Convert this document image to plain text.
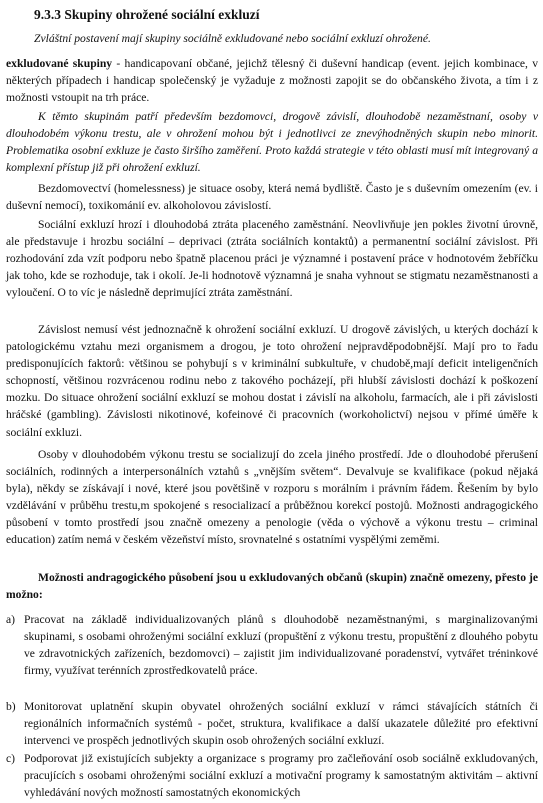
9.3.3 Skupiny ohrožené sociální exkluzí

Zvláštní postavení mají skupiny sociálně exkludované nebo sociální exkluzí ohrožené.

exkludované skupiny - handicapovaní občané, jejichž tělesný či duševní handicap (event. jejich kombinace, v některých případech i handicap společenský je vyžaduje z možnosti zapojit se do občanského života, a tím i z možnosti vstoupit na trh práce.

K těmto skupinám patří především bezdomovci, drogově závislí, dlouhodobě nezaměstnaní, osoby v dlouhodobém výkonu trestu, ale v ohrožení mohou být i jednotlivci ze znevýhodněných skupin nebo minorit. Problematika osobní exkluze je často širšího zaměření. Proto každá strategie v této oblasti musí mít integrovaný a komplexní přístup již při ohrožení exkluzí.

Bezdomovectví (homelessness) je situace osoby, která nemá bydliště. Často je s duševním omezením (ev. i duševní nemocí), toxikománií ev. alkoholovou závislostí.

Sociální exkluzí hrozí i dlouhodobá ztráta placeného zaměstnání. Neovlivňuje jen pokles životní úrovně, ale představuje i hrozbu sociální – deprivaci (ztráta sociálních kontaktů) a permanentní sociální závislost. Při rozhodování zda vzít podporu nebo špatně placenou práci je významné i postavení práce v hodnotovém žebříčku jak toho, kde se rozhoduje, tak i okolí. Je-li hodnotově významná je snaha vyhnout se stigmatu nezaměstnanosti a vyloučení. O to víc je následně deprimující ztráta zaměstnání.

Závislost nemusí vést jednoznačně k ohrožení sociální exkluzí. U drogově závislých, u kterých dochází k patologickému vztahu mezi organismem a drogou, je toto ohrožení nejpravděpodobnější. Mají pro to řadu predisponujících faktorů: většinou se pohybují s v kriminální subkultuře, v chudobě,mají deficit inteligenčních schopností, většinou rozvrácenou rodinu nebo z takového pocházejí, při hlubší závislosti dochází k poškození mozku. Do situace ohrožení sociální exkluzí se mohou dostat i závislí na alkoholu, farmacích, ale i při závislosti hráčské (gambling). Závislosti nikotinové, kofeinové či pracovních (workoholictví) nejsou v přímé úměře k sociální exkluzi.

Osoby v dlouhodobém výkonu trestu se socializují do zcela jiného prostředí. Jde o dlouhodobé přerušení sociálních, rodinných a interpersonálních vztahů s „vnějším světem“. Devalvuje se kvalifikace (pokud nějaká byla), někdy se získávají i nové, které jsou povětšině v rozporu s morálním i právním řádem. Řešením by bylo vzdělávání v průběhu trestu,m spokojené s resocializací a průběžnou korekcí postojů. Možnosti andragogického působení v tomto prostředí jsou značně omezeny a penologie (věda o výchově a výkonu trestu – criminal education) zatím nemá v českém vězeňství místo, srovnatelné s ostatními vyspělými zeměmi.

Možnosti andragogického působení jsou u exkludovaných občanů (skupin) značně omezeny, přesto je možno:

a) Pracovat na základě individualizovaných plánů s dlouhodobě nezaměstnanými, s marginalizovanými skupinami, s osobami ohroženými sociální exkluzí (propuštění z výkonu trestu, propuštění z dlouhého pobytu ve zdravotnických zařízeních, bezdomovci) – zajistit jim individualizované poradenství, vytvářet tréninkové firmy, využívat terénních zprostředkovatelů práce.

b) Monitorovat uplatnění skupin obyvatel ohrožených sociální exkluzí v rámci stávajících státních či regionálních informačních systémů - počet, struktura, kvalifikace a další ukazatele důležité pro efektivní intervenci ve prospěch jednotlivých skupin osob ohrožených sociální exkluzí.

c) Podporovat již existujících subjekty a organizace s programy pro začleňování osob sociálně exkludovaných, pracujících s osobami ohroženými sociální exkluzí a motivační programy k samostatným aktivitám – aktivní vyhledávání nových možností samostatných ekonomických
